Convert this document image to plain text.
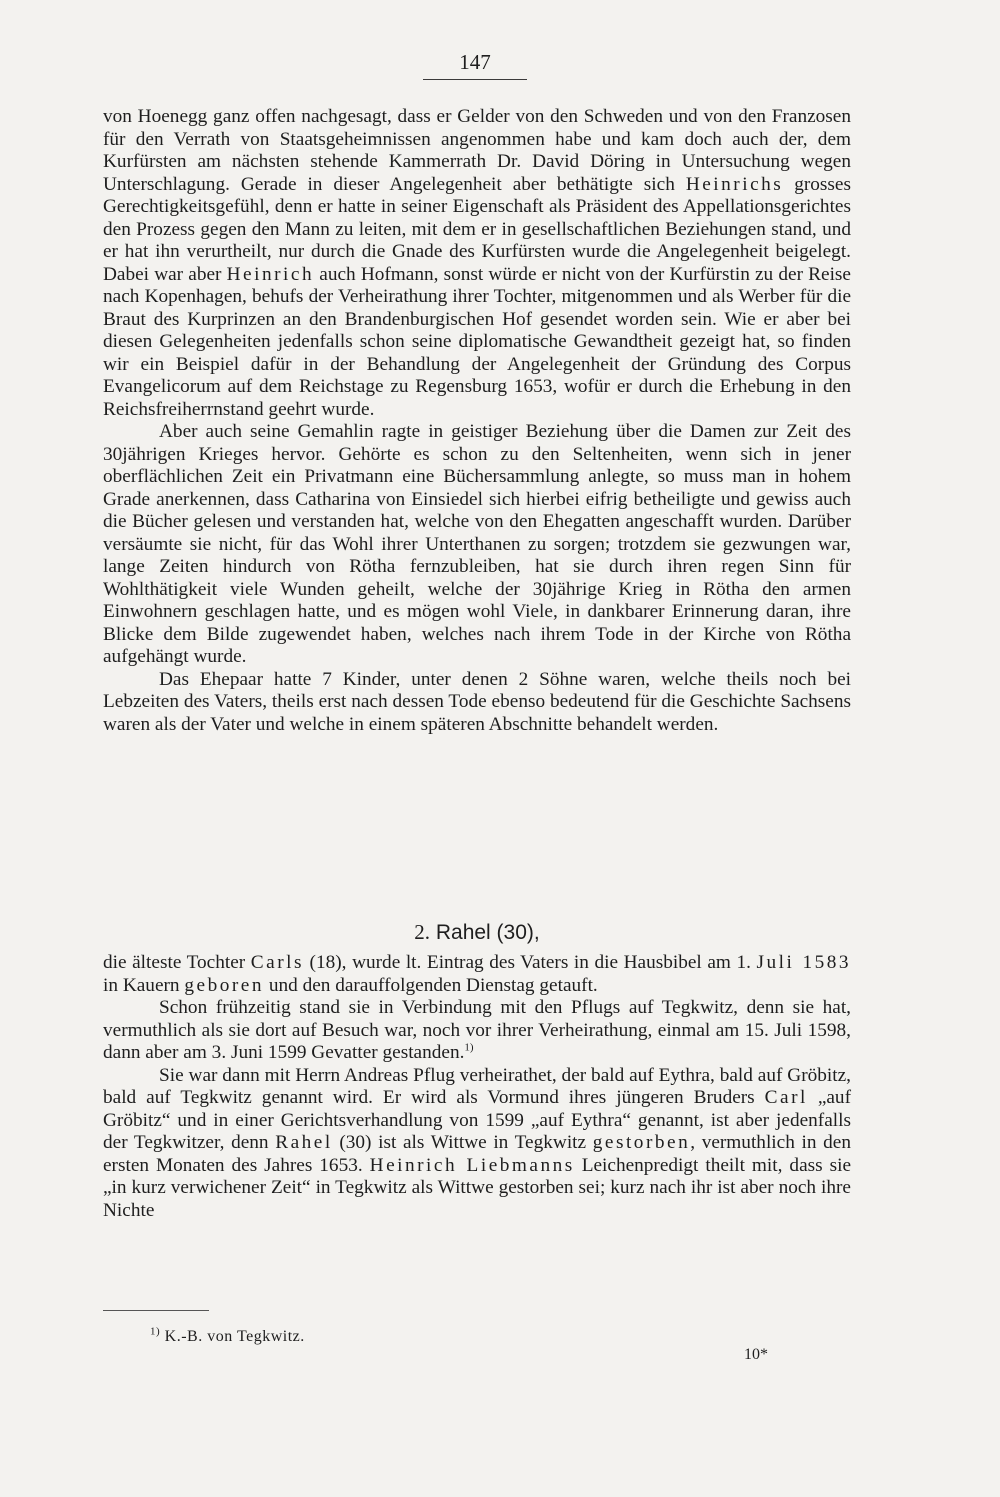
147

von Hoenegg ganz offen nachgesagt, dass er Gelder von den Schweden und von den Franzosen für den Verrath von Staatsgeheimnissen angenommen habe und kam doch auch der, dem Kurfürsten am nächsten stehende Kammerrath Dr. David Döring in Untersuchung wegen Unterschlagung. Gerade in dieser Angelegenheit aber bethätigte sich Heinrichs grosses Gerechtigkeitsgefühl, denn er hatte in seiner Eigenschaft als Präsident des Appellationsgerichtes den Prozess gegen den Mann zu leiten, mit dem er in gesellschaftlichen Beziehungen stand, und er hat ihn verurtheilt, nur durch die Gnade des Kurfürsten wurde die Angelegenheit beigelegt. Dabei war aber Heinrich auch Hofmann, sonst würde er nicht von der Kurfürstin zu der Reise nach Kopenhagen, behufs der Verheirathung ihrer Tochter, mitgenommen und als Werber für die Braut des Kurprinzen an den Brandenburgischen Hof gesendet worden sein. Wie er aber bei diesen Gelegenheiten jedenfalls schon seine diplomatische Gewandtheit gezeigt hat, so finden wir ein Beispiel dafür in der Behandlung der Angelegenheit der Gründung des Corpus Evangelicorum auf dem Reichstage zu Regensburg 1653, wofür er durch die Erhebung in den Reichsfreiherrnstand geehrt wurde.

Aber auch seine Gemahlin ragte in geistiger Beziehung über die Damen zur Zeit des 30jährigen Krieges hervor. Gehörte es schon zu den Seltenheiten, wenn sich in jener oberflächlichen Zeit ein Privatmann eine Büchersammlung anlegte, so muss man in hohem Grade anerkennen, dass Catharina von Einsiedel sich hierbei eifrig betheiligte und gewiss auch die Bücher gelesen und verstanden hat, welche von den Ehegatten angeschafft wurden. Darüber versäumte sie nicht, für das Wohl ihrer Unterthanen zu sorgen; trotzdem sie gezwungen war, lange Zeiten hindurch von Rötha fernzubleiben, hat sie durch ihren regen Sinn für Wohlthätigkeit viele Wunden geheilt, welche der 30jährige Krieg in Rötha den armen Einwohnern geschlagen hatte, und es mögen wohl Viele, in dankbarer Erinnerung daran, ihre Blicke dem Bilde zugewendet haben, welches nach ihrem Tode in der Kirche von Rötha aufgehängt wurde.

Das Ehepaar hatte 7 Kinder, unter denen 2 Söhne waren, welche theils noch bei Lebzeiten des Vaters, theils erst nach dessen Tode ebenso bedeutend für die Geschichte Sachsens waren als der Vater und welche in einem späteren Abschnitte behandelt werden.

2. Rahel (30),

die älteste Tochter Carls (18), wurde lt. Eintrag des Vaters in die Hausbibel am 1. Juli 1583 in Kauern geboren und den darauffolgenden Dienstag getauft.

Schon frühzeitig stand sie in Verbindung mit den Pflugs auf Tegkwitz, denn sie hat, vermuthlich als sie dort auf Besuch war, noch vor ihrer Verheirathung, einmal am 15. Juli 1598, dann aber am 3. Juni 1599 Gevatter gestanden.$^{1)}$

Sie war dann mit Herrn Andreas Pflug verheirathet, der bald auf Eythra, bald auf Gröbitz, bald auf Tegkwitz genannt wird. Er wird als Vormund ihres jüngeren Bruders Carl „auf Gröbitz“ und in einer Gerichtsverhandlung von 1599 „auf Eythra“ genannt, ist aber jedenfalls der Tegkwitzer, denn Rahel (30) ist als Wittwe in Tegkwitz gestorben, vermuthlich in den ersten Monaten des Jahres 1653. Heinrich Liebmanns Leichenpredigt theilt mit, dass sie „in kurz verwichener Zeit“ in Tegkwitz als Wittwe gestorben sei; kurz nach ihr ist aber noch ihre Nichte

$^{1)}$ K.-B. von Tegkwitz.
10*
